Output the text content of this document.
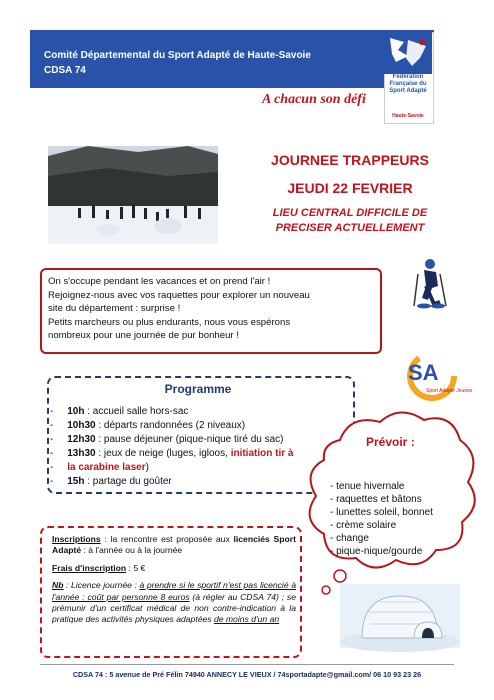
Comité Départemental du Sport Adapté de Haute-Savoie
CDSA 74
A chacun son défi
Fédération Française du Sport Adapté
Haute-Savoie
JOURNEE TRAPPEURS
JEUDI 22 FEVRIER
LIEU CENTRAL DIFFICILE DE
PRECISER ACTUELLEMENT
On s'occupe pendant les vacances et on prend l'air !
Rejoignez-nous avec vos raquettes pour explorer un nouveau
site du département : surprise !
Petits marcheurs ou plus endurants, nous vous espérons
nombreux pour une journée de pur bonheur !
SA
Sport Adapté Jeunes
Programme
-     10h : accueil salle hors-sac
-     10h30 : départs randonnées (2 niveaux)
-     12h30 : pause déjeuner (pique-nique tiré du sac)
-     13h30 : jeux de neige (luges, igloos, initiation tir à
-     la carabine laser)
-     15h : partage du goûter
Prévoir :
- tenue hivernale
- raquettes et bâtons
- lunettes soleil, bonnet
- crème solaire
- change
- pique-nique/gourde
Inscriptions : la rencontre est proposée aux licenciés Sport Adapté : à l'année ou à la journée
Frais d'inscription : 5 €
Nb : Licence journée : à prendre si le sportif n'est pas licencié à l'année : coût par personne 8 euros (à régler au CDSA 74) ; se prémunir d'un certificat médical de non contre-indication à la pratique des activités physiques adaptées de moins d'un an
CDSA 74 : 5 avenue de Pré Félin 74940 ANNECY LE VIEUX / 74sportadapte@gmail.com/ 06 10 93 23 26
